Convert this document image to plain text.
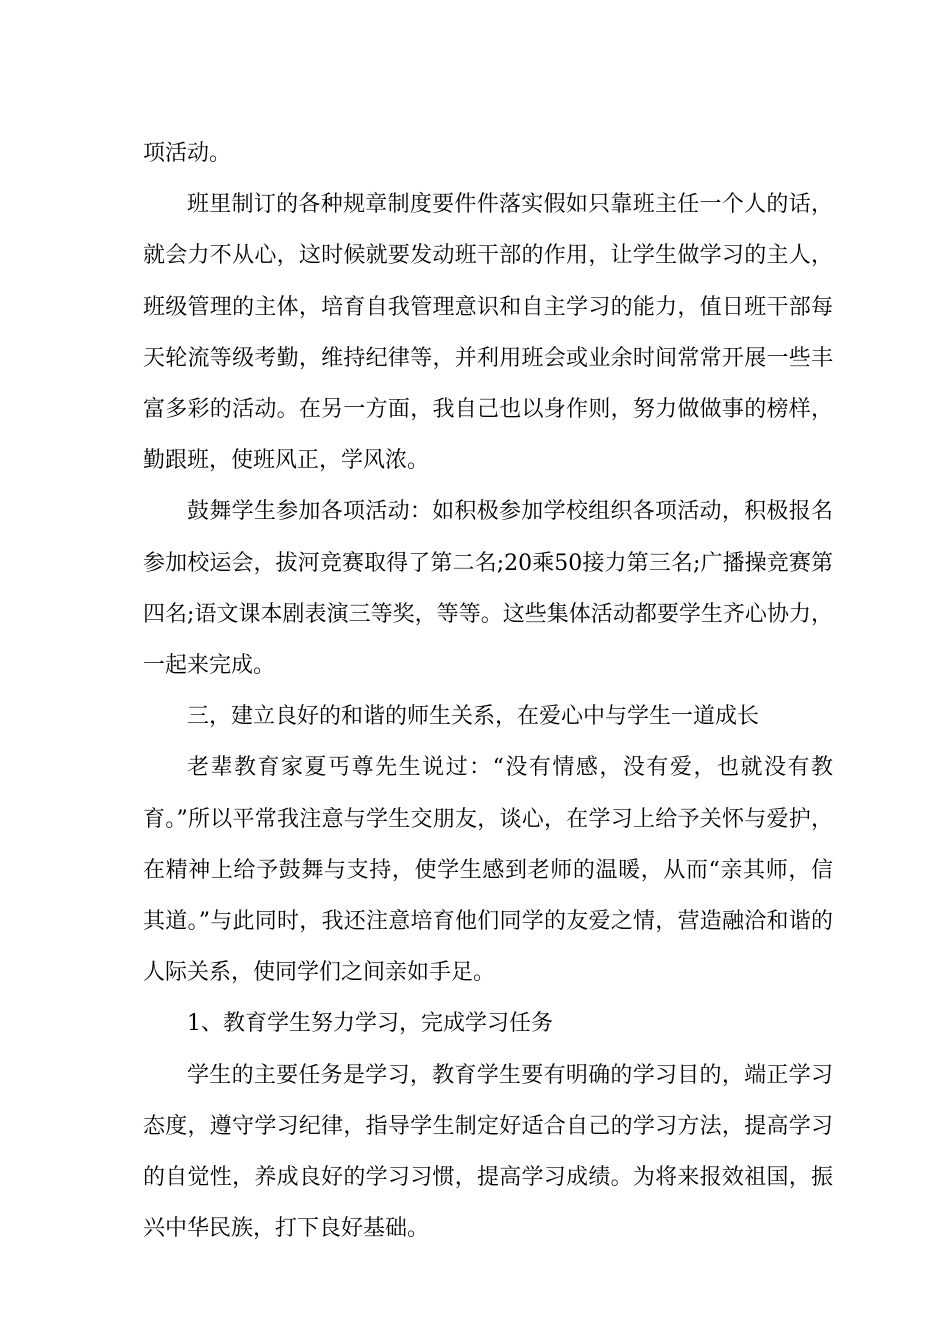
项活动。

班里制订的各种规章制度要件件落实假如只靠班主任一个人的话，就会力不从心，这时候就要发动班干部的作用，让学生做学习的主人，班级管理的主体，培育自我管理意识和自主学习的能力，值日班干部每天轮流等级考勤，维持纪律等，并利用班会或业余时间常常开展一些丰富多彩的活动。在另一方面，我自己也以身作则，努力做做事的榜样，勤跟班，使班风正，学风浓。

鼓舞学生参加各项活动：如积极参加学校组织各项活动，积极报名参加校运会，拔河竞赛取得了第二名;20乘50接力第三名;广播操竞赛第四名;语文课本剧表演三等奖，等等。这些集体活动都要学生齐心协力，一起来完成。

三，建立良好的和谐的师生关系，在爱心中与学生一道成长

老辈教育家夏丐尊先生说过：“没有情感，没有爱，也就没有教育。”所以平常我注意与学生交朋友，谈心，在学习上给予关怀与爱护，在精神上给予鼓舞与支持，使学生感到老师的温暖，从而“亲其师，信其道。”与此同时，我还注意培育他们同学的友爱之情，营造融洽和谐的人际关系，使同学们之间亲如手足。

1、教育学生努力学习，完成学习任务

学生的主要任务是学习，教育学生要有明确的学习目的，端正学习态度，遵守学习纪律，指导学生制定好适合自己的学习方法，提高学习的自觉性，养成良好的学习习惯，提高学习成绩。为将来报效祖国，振兴中华民族，打下良好基础。
